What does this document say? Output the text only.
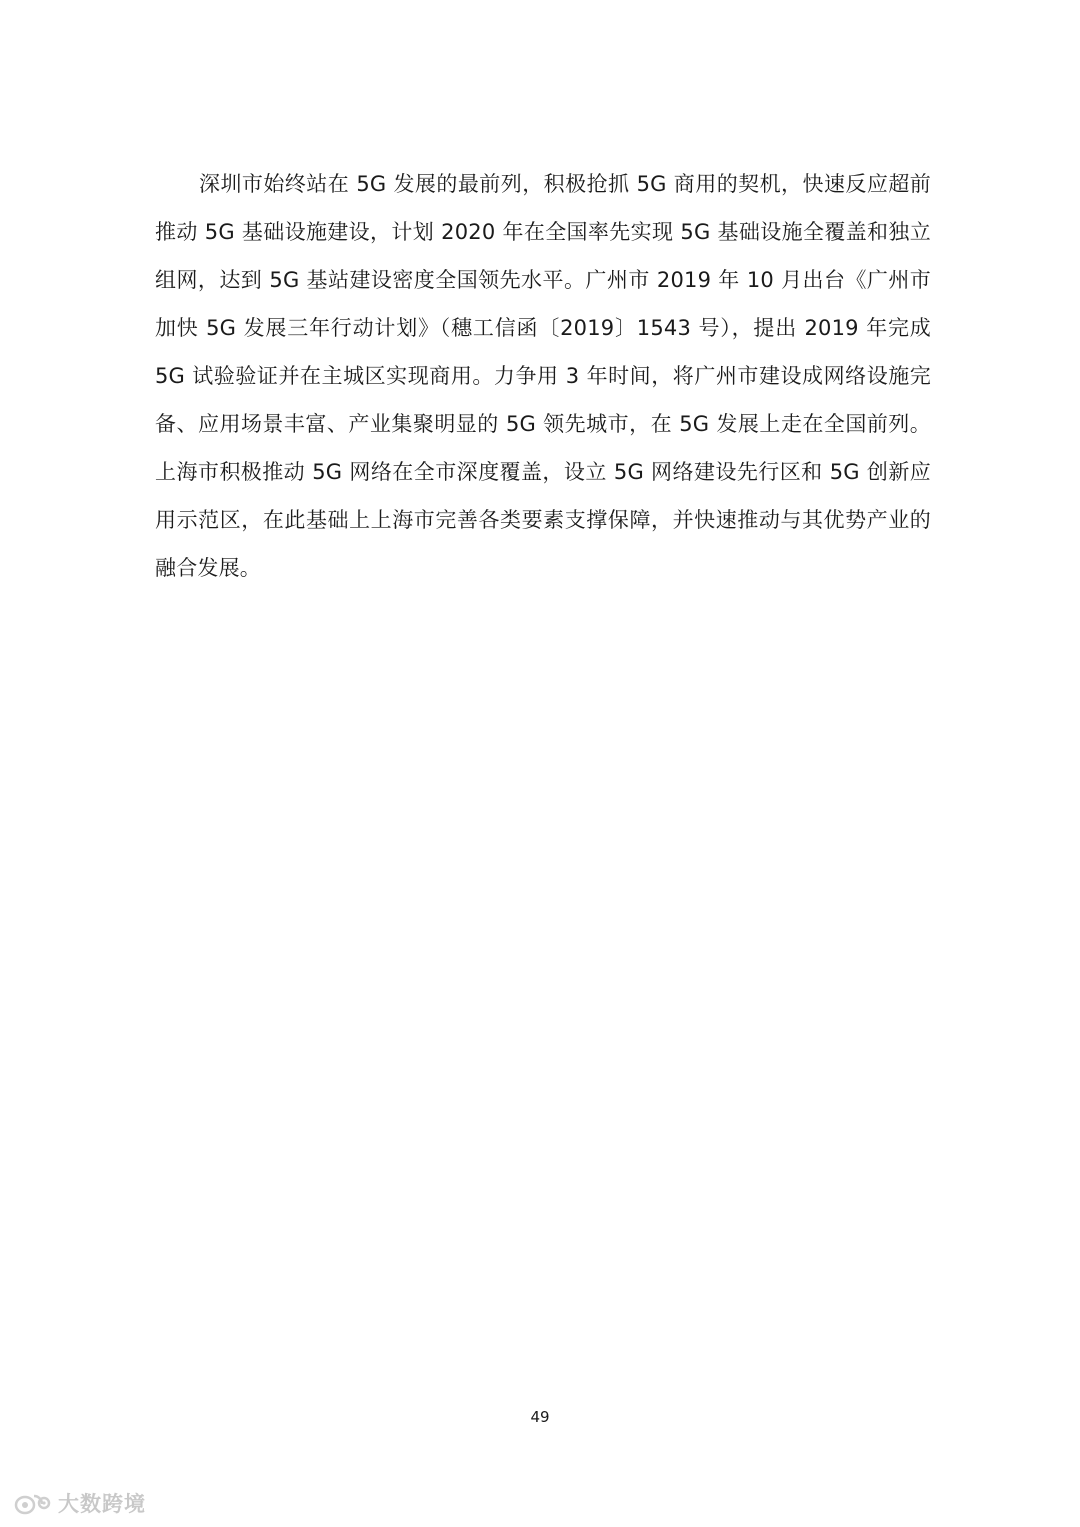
深圳市始终站在 5G 发展的最前列，积极抢抓 5G 商用的契机，快速反应超前
推动 5G 基础设施建设，计划 2020 年在全国率先实现 5G 基础设施全覆盖和独立
组网，达到 5G 基站建设密度全国领先水平。广州市 2019 年 10 月出台《广州市
加快 5G 发展三年行动计划》（穗工信函〔2019〕1543 号），提出 2019 年完成
5G 试验验证并在主城区实现商用。力争用 3 年时间，将广州市建设成网络设施完
备、应用场景丰富、产业集聚明显的 5G 领先城市，在 5G 发展上走在全国前列。
上海市积极推动 5G 网络在全市深度覆盖，设立 5G 网络建设先行区和 5G 创新应
用示范区，在此基础上上海市完善各类要素支撑保障，并快速推动与其优势产业的
融合发展。
49
大数跨境
